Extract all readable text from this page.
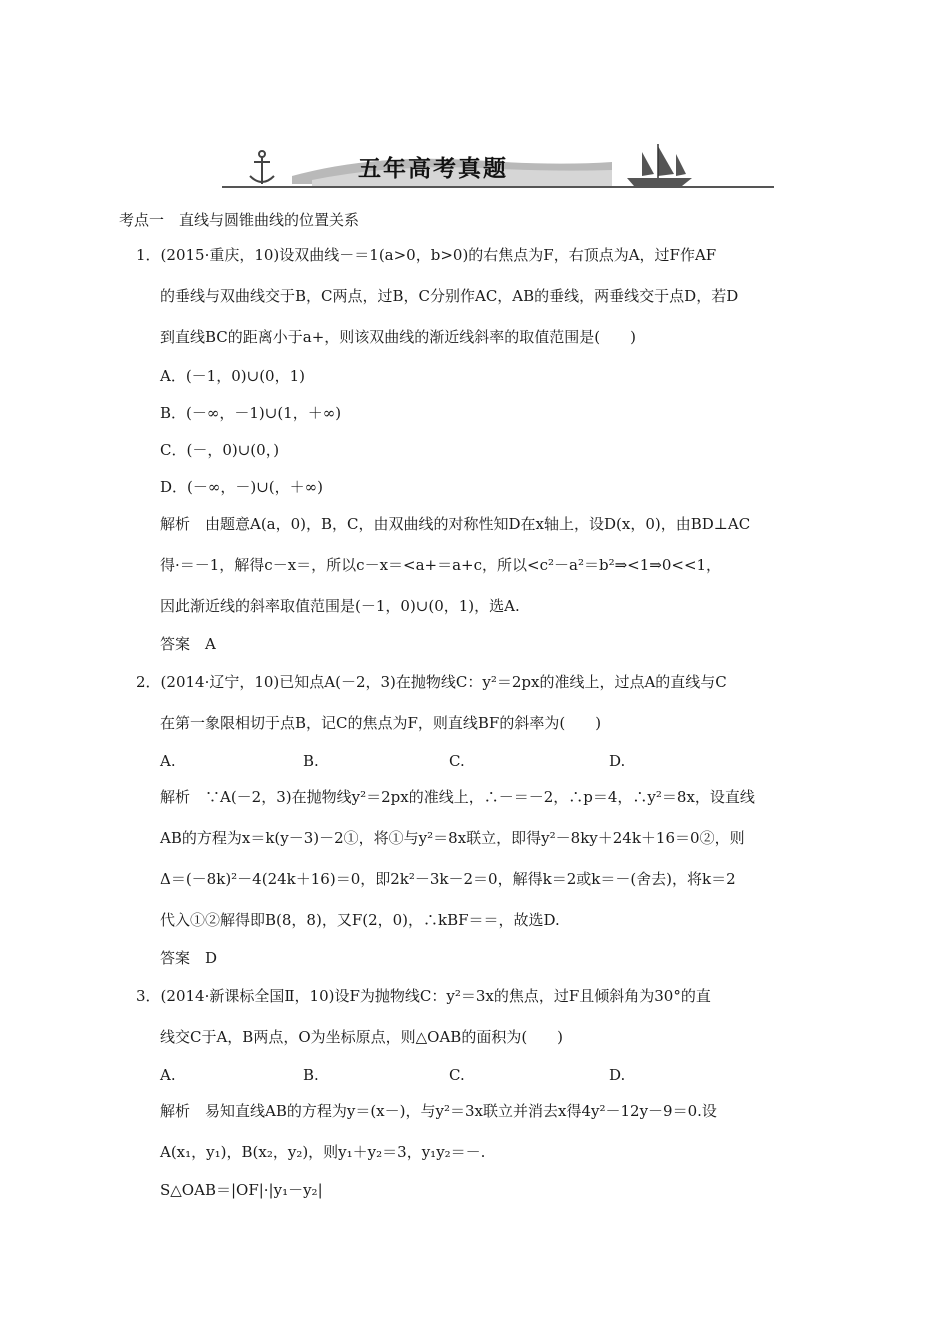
五年高考真题
考点一　直线与圆锥曲线的位置关系
1．(2015·重庆，10)设双曲线－＝1(a>0，b>0)的右焦点为F，右顶点为A，过F作AF
的垂线与双曲线交于B，C两点，过B，C分别作AC，AB的垂线，两垂线交于点D，若D
到直线BC的距离小于a+，则该双曲线的渐近线斜率的取值范围是(　　)
A．(－1，0)∪(0，1)
B．(－∞，－1)∪(1，＋∞)
C．(－，0)∪(0，)
D．(－∞，－)∪(，＋∞)
解析　由题意A(a，0)，B，C，由双曲线的对称性知D在x轴上，设D(x，0)，由BD⊥AC
得·＝－1，解得c－x＝，所以c－x＝<a+＝a+c，所以<c²－a²＝b²⇒<1⇒0<<1，
因此渐近线的斜率取值范围是(－1，0)∪(0，1)，选A.
答案　A
2．(2014·辽宁，10)已知点A(－2，3)在抛物线C：y²＝2px的准线上，过点A的直线与C
在第一象限相切于点B，记C的焦点为F，则直线BF的斜率为(　　)
A.	B.	C.	D.
解析　∵A(－2，3)在抛物线y²＝2px的准线上，∴－＝－2，∴p＝4，∴y²＝8x，设直线
AB的方程为x＝k(y－3)－2①，将①与y²＝8x联立，即得y²－8ky＋24k＋16＝0②，则
Δ＝(－8k)²－4(24k＋16)＝0，即2k²－3k－2＝0，解得k＝2或k＝－(舍去)，将k＝2
代入①②解得即B(8，8)，又F(2，0)，∴kBF＝＝，故选D.
答案　D
3．(2014·新课标全国Ⅱ，10)设F为抛物线C：y²＝3x的焦点，过F且倾斜角为30°的直
线交C于A，B两点，O为坐标原点，则△OAB的面积为(　　)
A.	B.	C.	D.
解析　易知直线AB的方程为y＝(x－)，与y²＝3x联立并消去x得4y²－12y－9＝0.设
A(x₁，y₁)，B(x₂，y₂)，则y₁＋y₂＝3，y₁y₂＝－.
S△OAB＝|OF|·|y₁－y₂|
